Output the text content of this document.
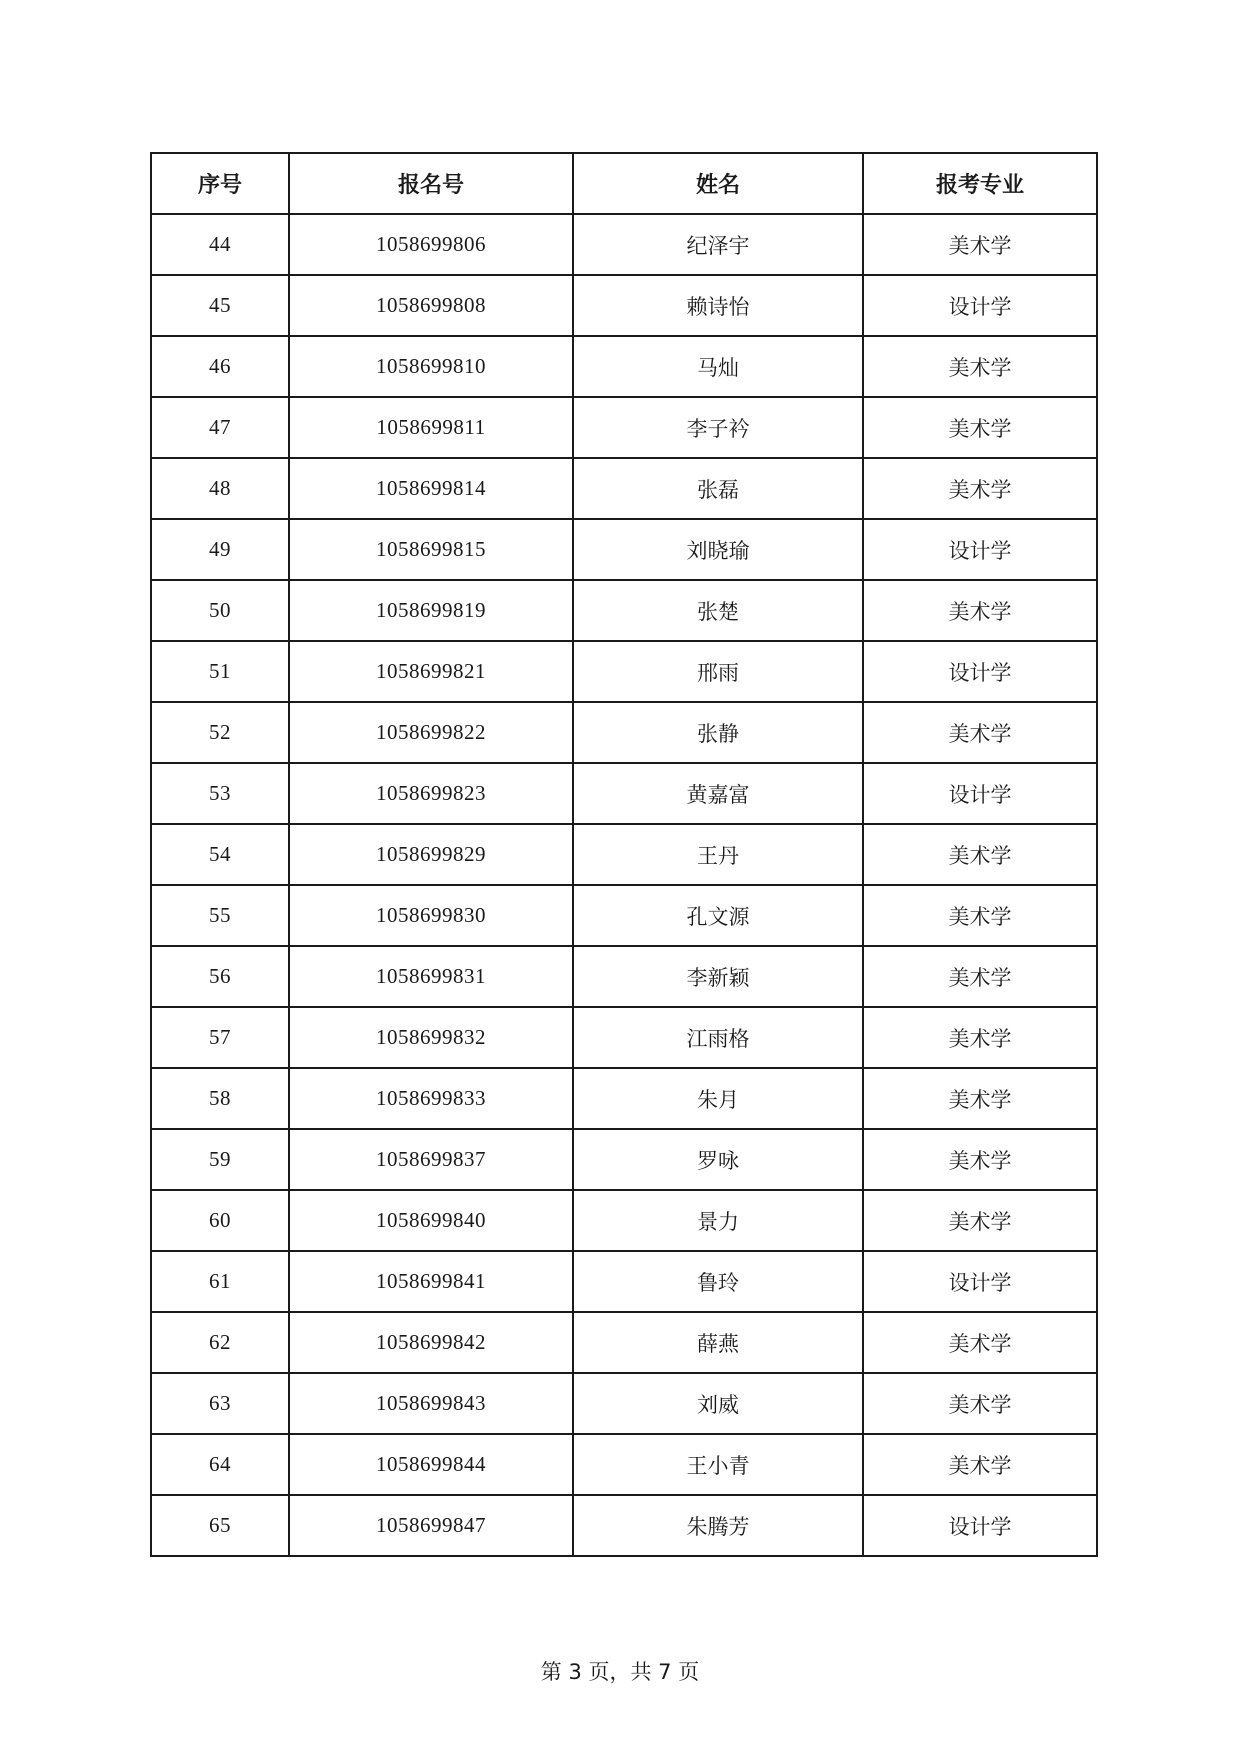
序号	报名号	姓名	报考专业
44	1058699806	纪泽宇	美术学
45	1058699808	赖诗怡	设计学
46	1058699810	马灿	美术学
47	1058699811	李子衿	美术学
48	1058699814	张磊	美术学
49	1058699815	刘晓瑜	设计学
50	1058699819	张楚	美术学
51	1058699821	邢雨	设计学
52	1058699822	张静	美术学
53	1058699823	黄嘉富	设计学
54	1058699829	王丹	美术学
55	1058699830	孔文源	美术学
56	1058699831	李新颖	美术学
57	1058699832	江雨格	美术学
58	1058699833	朱月	美术学
59	1058699837	罗咏	美术学
60	1058699840	景力	美术学
61	1058699841	鲁玲	设计学
62	1058699842	薛燕	美术学
63	1058699843	刘威	美术学
64	1058699844	王小青	美术学
65	1058699847	朱腾芳	设计学
第 3 页，共 7 页
